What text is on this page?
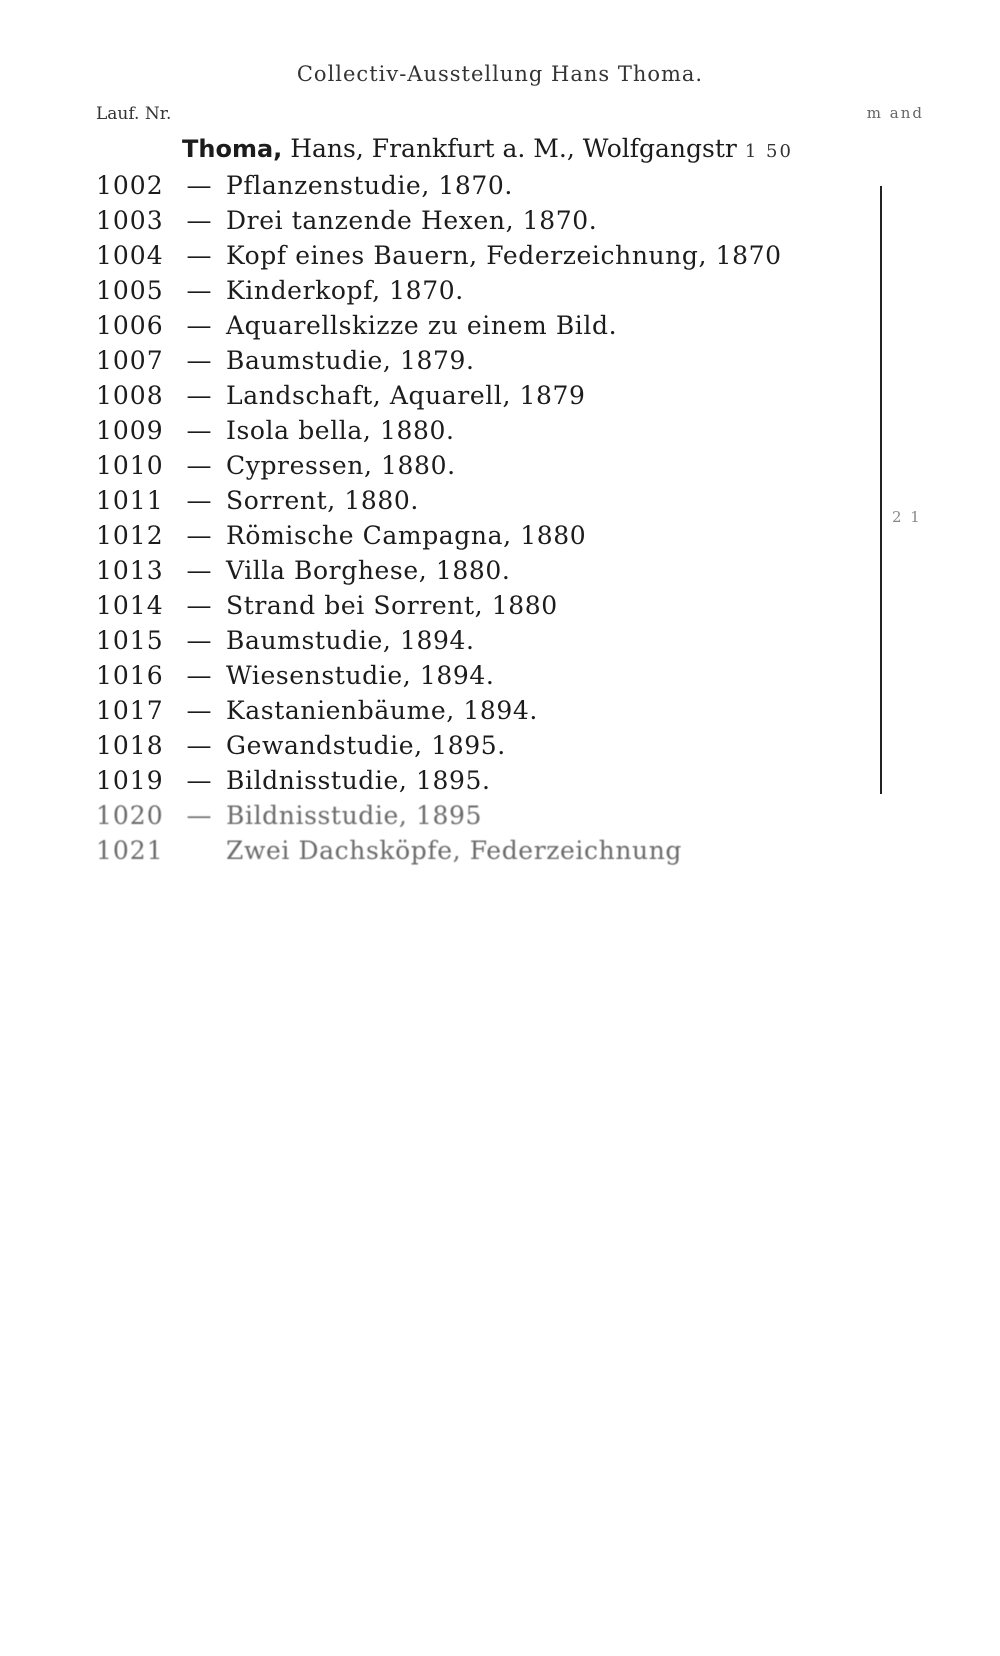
Collectiv-Ausstellung Hans Thoma.
Lauf. Nr.	m and
Thoma, Hans, Frankfurt a. M., Wolfgangstr 1 50
1002 — Pflanzenstudie, 1870.
1003 — Drei tanzende Hexen, 1870.
1004 — Kopf eines Bauern, Federzeichnung, 1870
1005 — Kinderkopf, 1870.
1006 — Aquarellskizze zu einem Bild.
1007 — Baumstudie, 1879.
1008 — Landschaft, Aquarell, 1879
1009 — Isola bella, 1880.
1010 — Cypressen, 1880.
1011 — Sorrent, 1880.
1012 — Römische Campagna, 1880
1013 — Villa Borghese, 1880.
1014 — Strand bei Sorrent, 1880
1015 — Baumstudie, 1894.
1016 — Wiesenstudie, 1894.
1017 — Kastanienbäume, 1894.
1018 — Gewandstudie, 1895.
1019 — Bildnisstudie, 1895.
1020 — Bildnisstudie, 1895
1021	Zwei Dachsköpfe, Federzeichnung
2 1
